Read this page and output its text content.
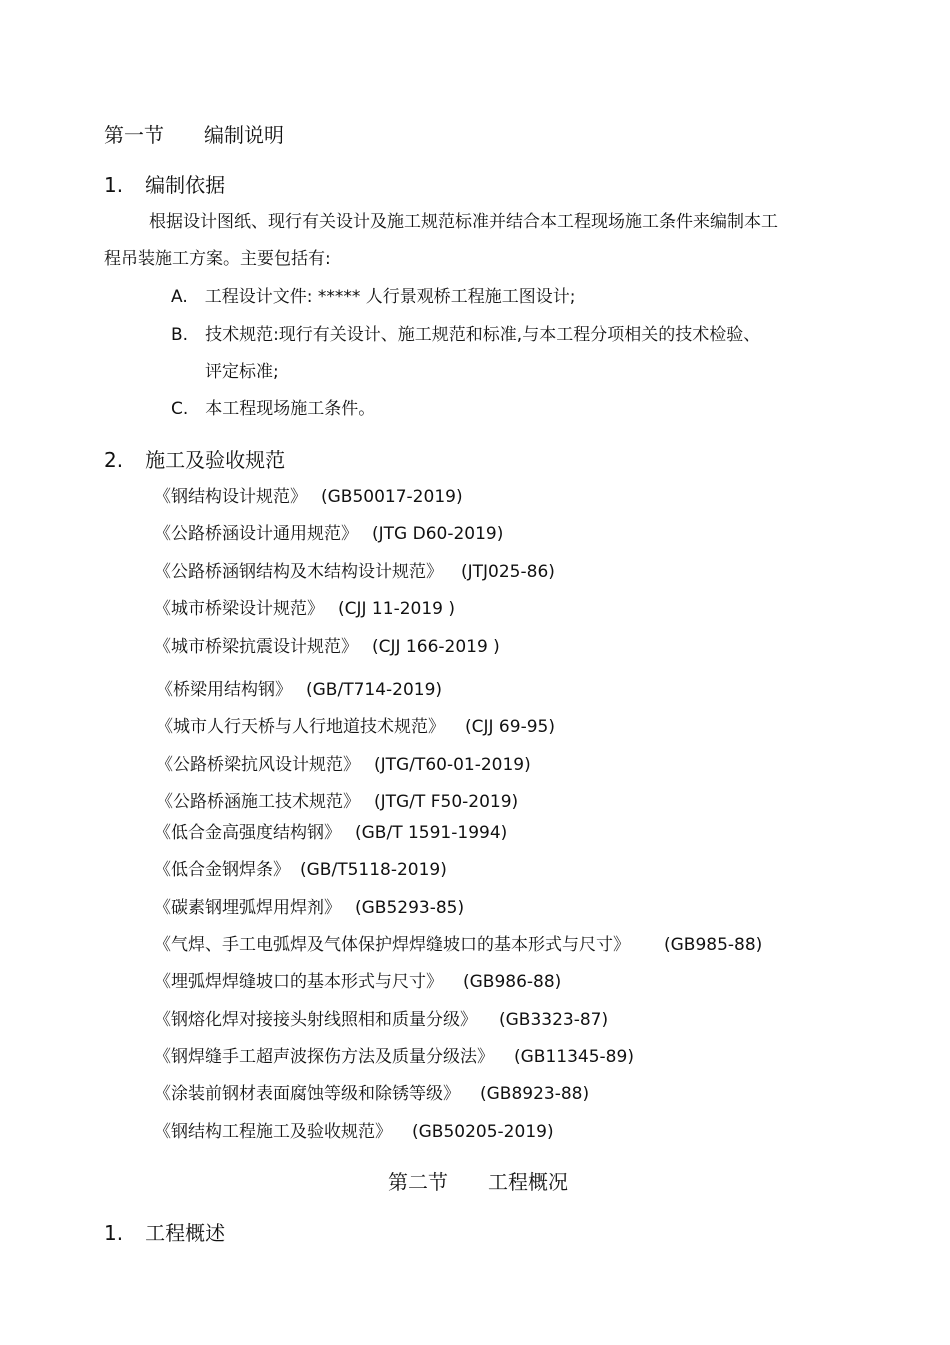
第一节 编制说明
1. 编制依据
根据设计图纸、现行有关设计及施工规范标准并结合本工程现场施工条件来编制本工
程吊装施工方案。主要包括有:
A. 工程设计文件: ***** 人行景观桥工程施工图设计;
B. 技术规范:现行有关设计、施工规范和标准,与本工程分项相关的技术检验、
评定标准;
C. 本工程现场施工条件。
2. 施工及验收规范
《钢结构设计规范》 (GB50017-2019)
《公路桥涵设计通用规范》 (JTG D60-2019)
《公路桥涵钢结构及木结构设计规范》 (JTJ025-86)
《城市桥梁设计规范》 (CJJ 11-2019 )
《城市桥梁抗震设计规范》 (CJJ 166-2019 )
《桥梁用结构钢》 (GB/T714-2019)
《城市人行天桥与人行地道技术规范》 (CJJ 69-95)
《公路桥梁抗风设计规范》 (JTG/T60-01-2019)
《公路桥涵施工技术规范》 (JTG/T F50-2019)
《低合金高强度结构钢》 (GB/T 1591-1994)
《低合金钢焊条》 (GB/T5118-2019)
《碳素钢埋弧焊用焊剂》 (GB5293-85)
《气焊、手工电弧焊及气体保护焊焊缝坡口的基本形式与尺寸》 (GB985-88)
《埋弧焊焊缝坡口的基本形式与尺寸》 (GB986-88)
《钢熔化焊对接接头射线照相和质量分级》 (GB3323-87)
《钢焊缝手工超声波探伤方法及质量分级法》 (GB11345-89)
《涂装前钢材表面腐蚀等级和除锈等级》 (GB8923-88)
《钢结构工程施工及验收规范》 (GB50205-2019)
第二节 工程概况
1. 工程概述
